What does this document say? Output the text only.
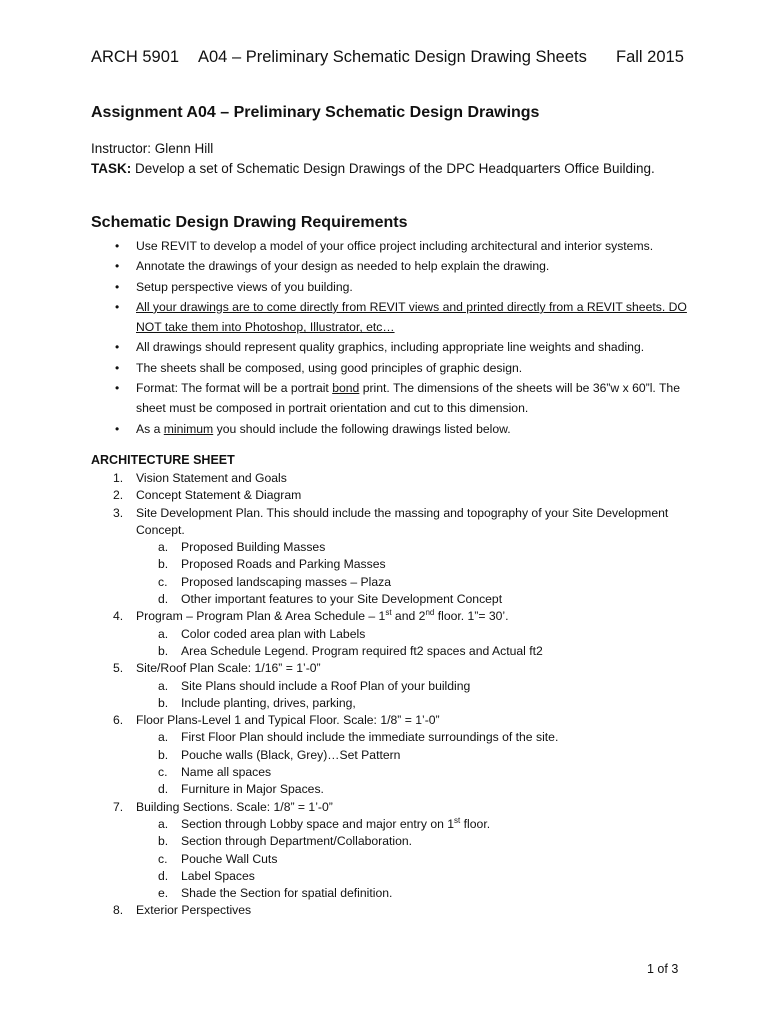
ARCH 5901 A04 – Preliminary Schematic Design Drawing Sheets Fall 2015
Assignment A04 – Preliminary Schematic Design Drawings
Instructor: Glenn Hill
TASK: Develop a set of Schematic Design Drawings of the DPC Headquarters Office Building.
Schematic Design Drawing Requirements
• Use REVIT to develop a model of your office project including architectural and interior systems.
• Annotate the drawings of your design as needed to help explain the drawing.
• Setup perspective views of you building.
• All your drawings are to come directly from REVIT views and printed directly from a REVIT sheets. DO NOT take them into Photoshop, Illustrator, etc…
• All drawings should represent quality graphics, including appropriate line weights and shading.
• The sheets shall be composed, using good principles of graphic design.
• Format: The format will be a portrait bond print. The dimensions of the sheets will be 36”w x 60”l. The sheet must be composed in portrait orientation and cut to this dimension.
• As a minimum you should include the following drawings listed below.
ARCHITECTURE SHEET
1. Vision Statement and Goals
2. Concept Statement & Diagram
3. Site Development Plan. This should include the massing and topography of your Site Development Concept.
a. Proposed Building Masses
b. Proposed Roads and Parking Masses
c. Proposed landscaping masses – Plaza
d. Other important features to your Site Development Concept
4. Program – Program Plan & Area Schedule – 1st and 2nd floor. 1”= 30’.
a. Color coded area plan with Labels
b. Area Schedule Legend. Program required ft2 spaces and Actual ft2
5. Site/Roof Plan Scale: 1/16” = 1’-0”
a. Site Plans should include a Roof Plan of your building
b. Include planting, drives, parking,
6. Floor Plans-Level 1 and Typical Floor. Scale: 1/8” = 1’-0”
a. First Floor Plan should include the immediate surroundings of the site.
b. Pouche walls (Black, Grey)…Set Pattern
c. Name all spaces
d. Furniture in Major Spaces.
7. Building Sections. Scale: 1/8” = 1’-0”
a. Section through Lobby space and major entry on 1st floor.
b. Section through Department/Collaboration.
c. Pouche Wall Cuts
d. Label Spaces
e. Shade the Section for spatial definition.
8. Exterior Perspectives
1 of 3
